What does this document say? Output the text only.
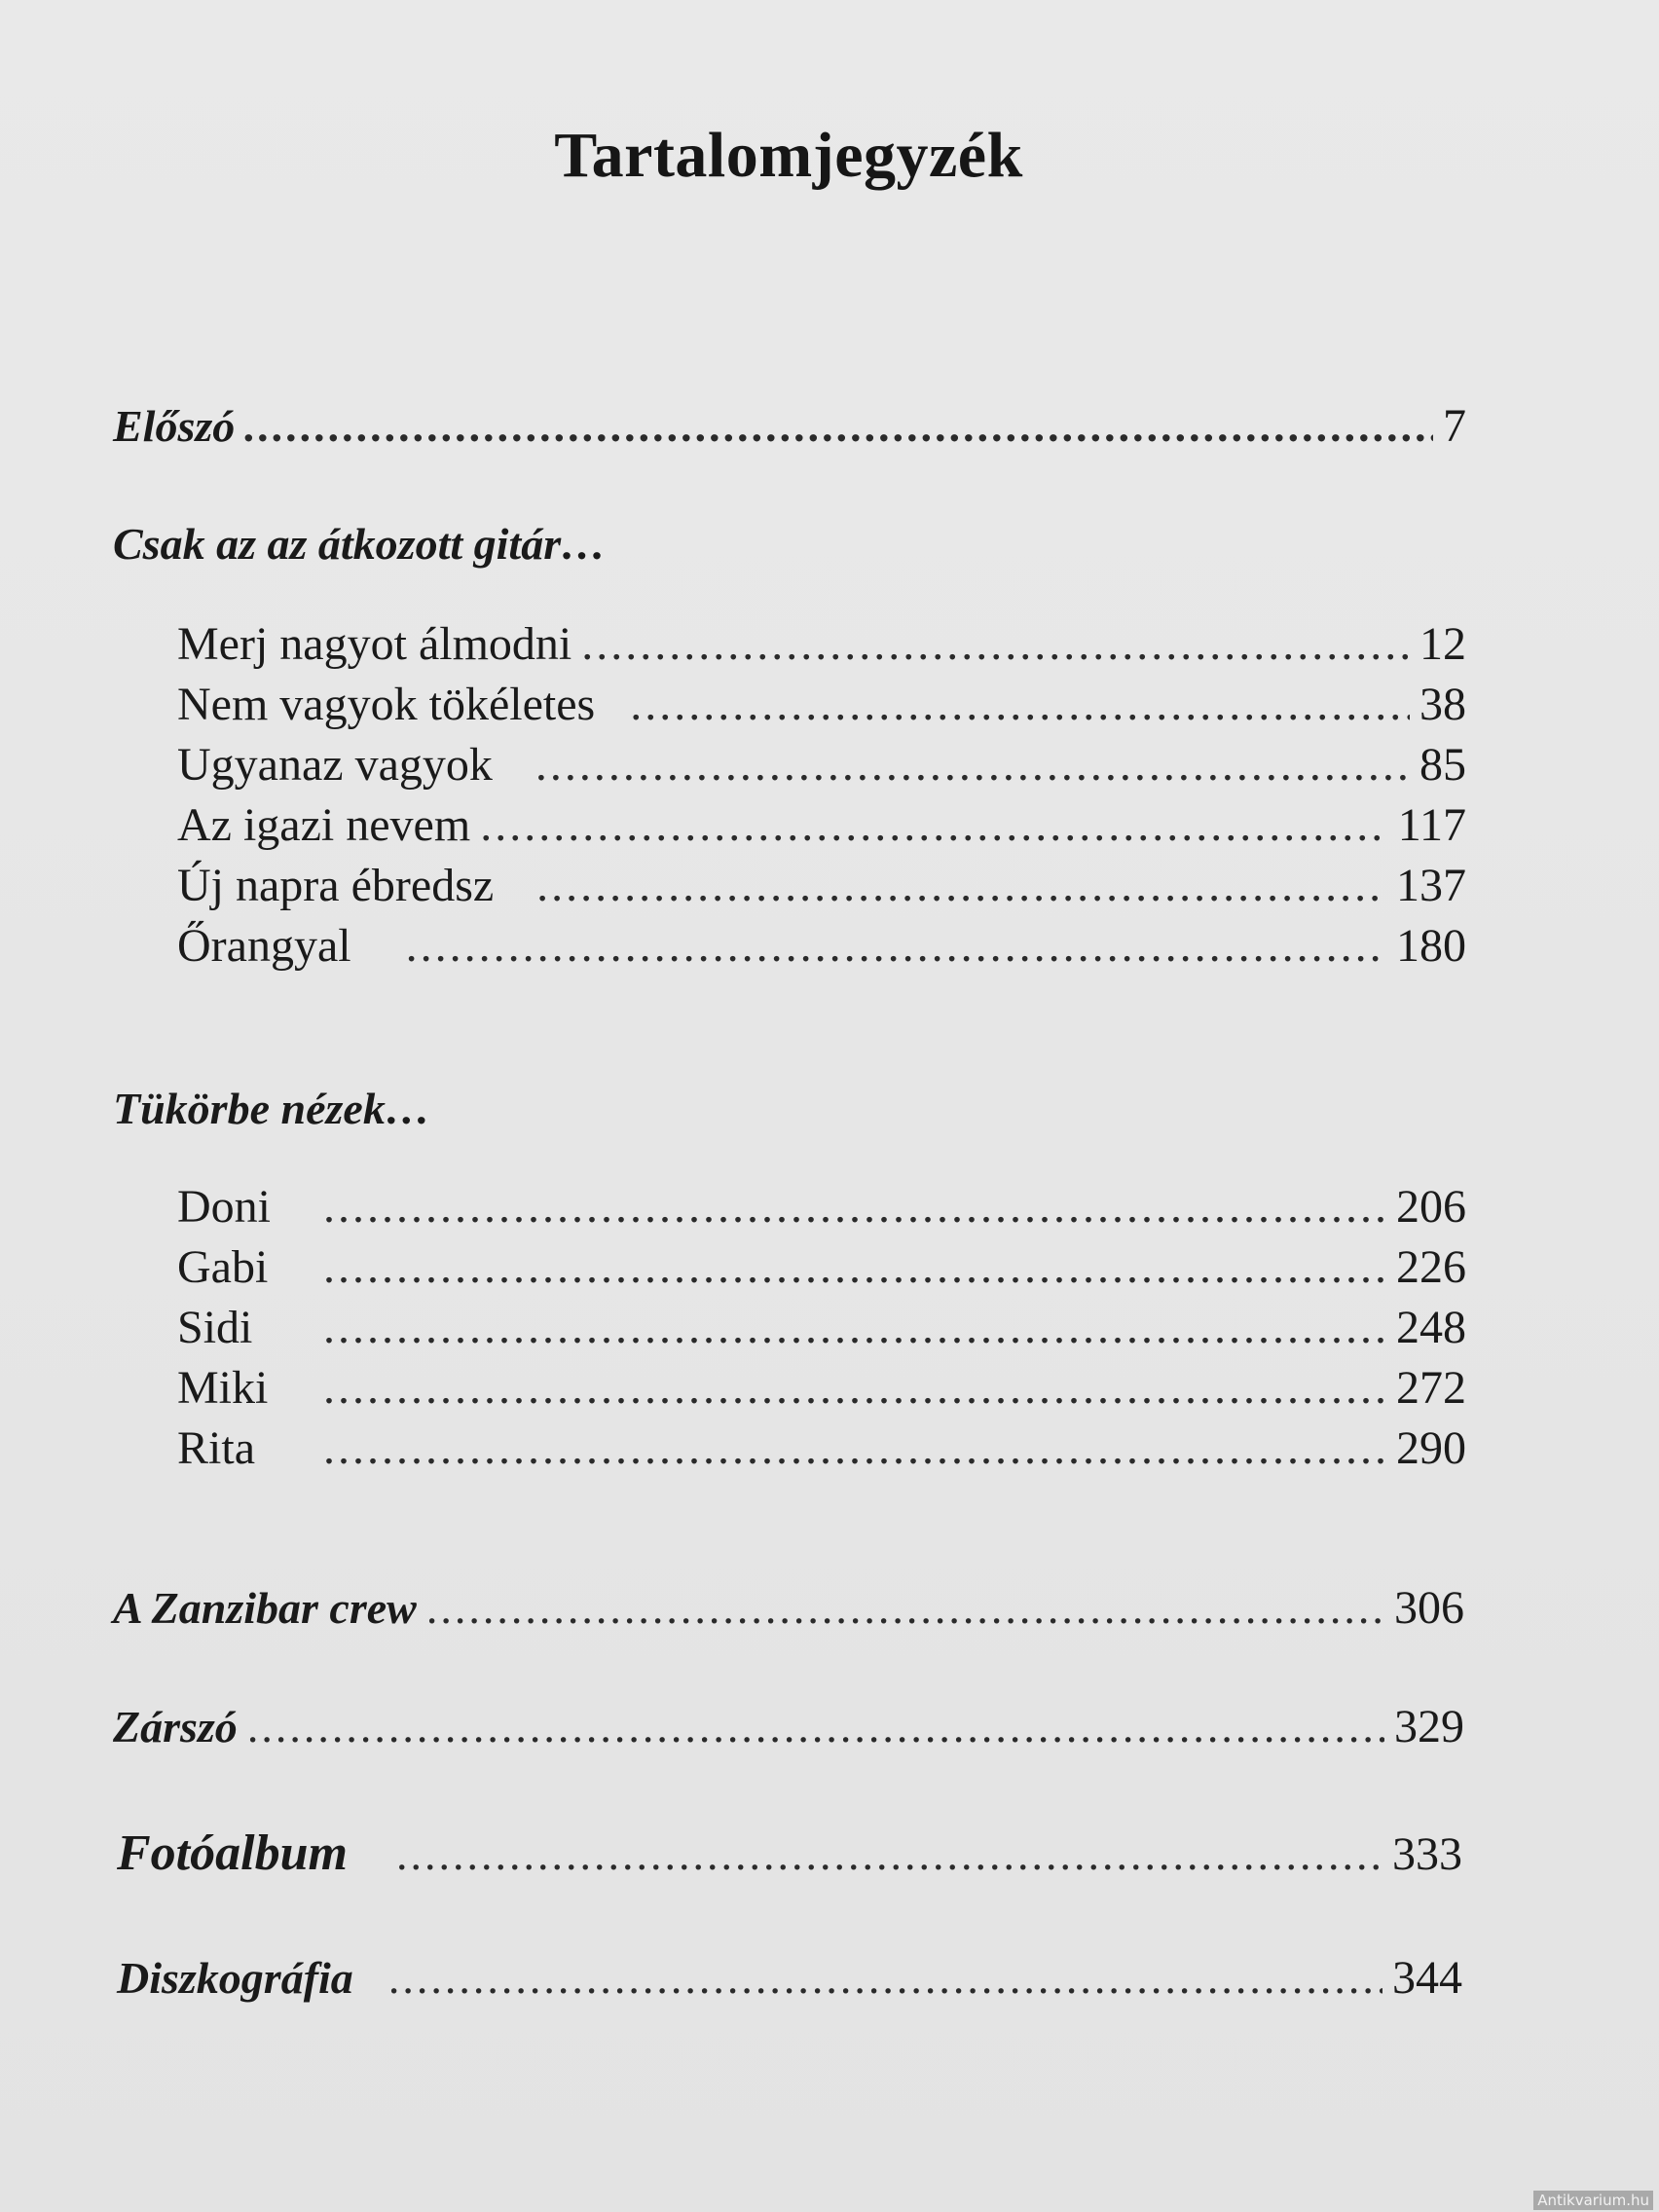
Tartalomjegyzék
Előszó .....	7
Csak az az átkozott gitár…
Merj nagyot álmodni .....	12
Nem vagyok tökéletes .....	38
Ugyanaz vagyok .....	85
Az igazi nevem .....	117
Új napra ébredsz .....	137
Őrangyal .....	180
Tükörbe nézek…
Doni .....	206
Gabi .....	226
Sidi .....	248
Miki .....	272
Rita .....	290
A Zanzibar crew .....	306
Zárszó .....	329
Fotóalbum .....	333
Diszkográfia .....	344
Antikvarium.hu
